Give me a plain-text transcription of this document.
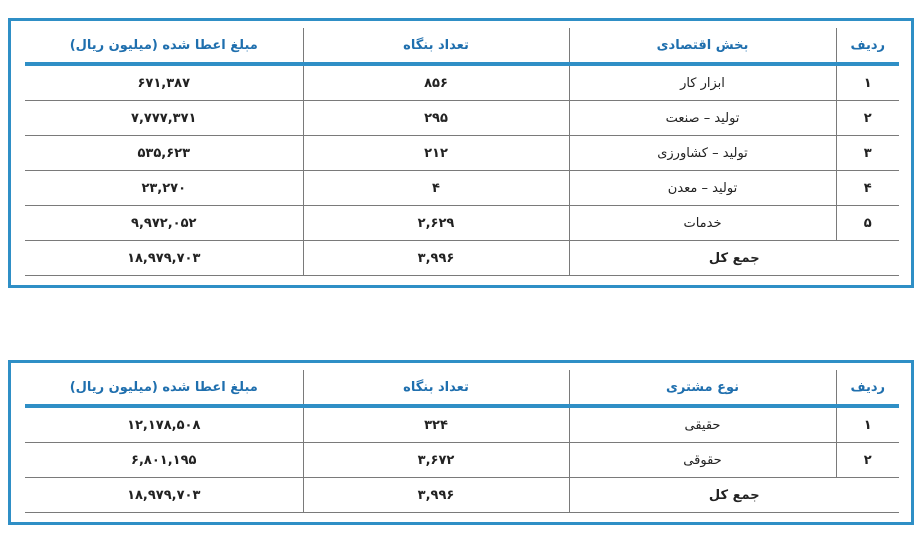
ردیف	بخش اقتصادی	تعداد بنگاه	مبلغ اعطا شده (میلیون ریال)
۱	ابزار کار	۸۵۶	۶۷۱,۳۸۷
۲	تولید – صنعت	۲۹۵	۷,۷۷۷,۳۷۱
۳	تولید – کشاورزی	۲۱۲	۵۳۵,۶۲۳
۴	تولید – معدن	۴	۲۳,۲۷۰
۵	خدمات	۲,۶۲۹	۹,۹۷۲,۰۵۲
جمع کل		۳,۹۹۶	۱۸,۹۷۹,۷۰۳
ردیف	نوع مشتری	تعداد بنگاه	مبلغ اعطا شده (میلیون ریال)
۱	حقیقی	۳۲۴	۱۲,۱۷۸,۵۰۸
۲	حقوقی	۳,۶۷۲	۶,۸۰۱,۱۹۵
جمع کل		۳,۹۹۶	۱۸,۹۷۹,۷۰۳
